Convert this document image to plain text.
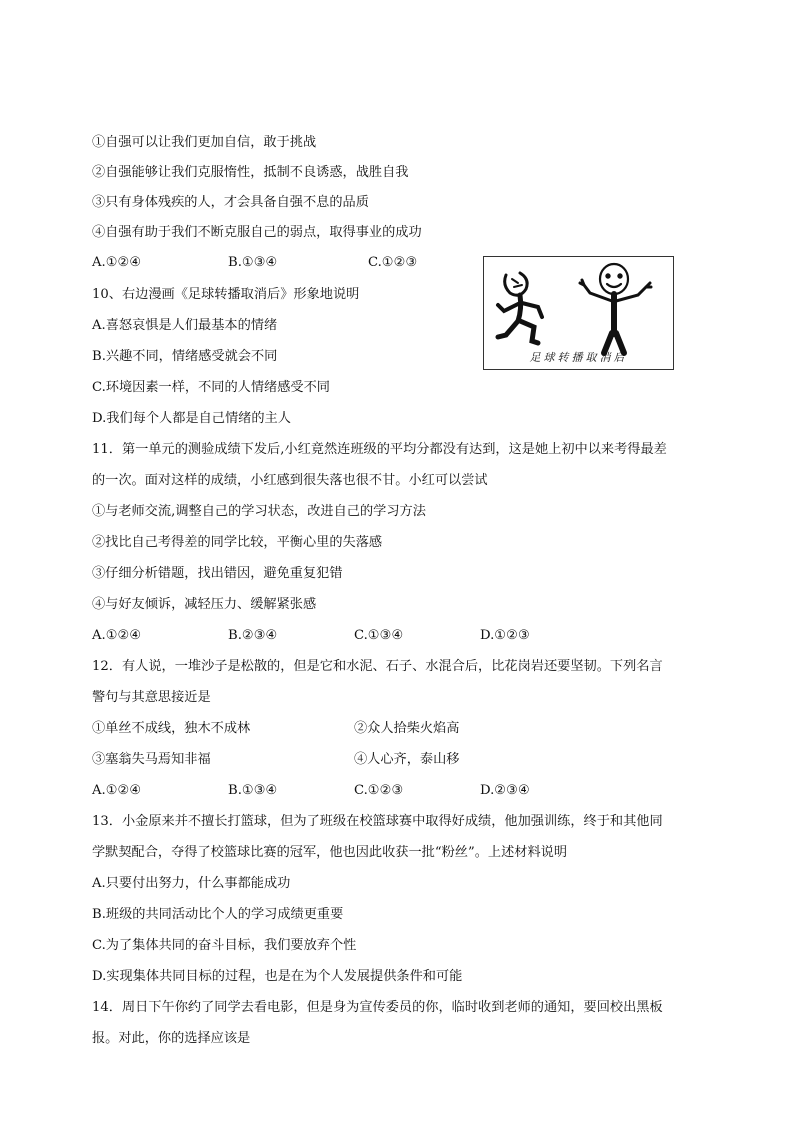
①自强可以让我们更加自信，敢于挑战
②自强能够让我们克服惰性，抵制不良诱惑，战胜自我
③只有身体残疾的人，才会具备自强不息的品质
④自强有助于我们不断克服自己的弱点，取得事业的成功
A.①②④	B.①③④	C.①②③
10、右边漫画《足球转播取消后》形象地说明
A.喜怒哀惧是人们最基本的情绪
B.兴趣不同，情绪感受就会不同
C.环境因素一样，不同的人情绪感受不同
D.我们每个人都是自己情绪的主人
足球转播取消后
11．第一单元的测验成绩下发后,小红竟然连班级的平均分都没有达到，这是她上初中以来考得最差
的一次。面对这样的成绩，小红感到很失落也很不甘。小红可以尝试
①与老师交流,调整自己的学习状态，改进自己的学习方法
②找比自己考得差的同学比较，平衡心里的失落感
③仔细分析错题，找出错因，避免重复犯错
④与好友倾诉，减轻压力、缓解紧张感
A.①②④	B.②③④	C.①③④	D.①②③
12．有人说，一堆沙子是松散的，但是它和水泥、石子、水混合后，比花岗岩还要坚韧。下列名言
警句与其意思接近是
①单丝不成线，独木不成林	②众人拾柴火焰高
③塞翁失马焉知非福	④人心齐，泰山移
A.①②④	B.①③④	C.①②③	D.②③④
13．小金原来并不擅长打篮球，但为了班级在校篮球赛中取得好成绩，他加强训练，终于和其他同
学默契配合，夺得了校篮球比赛的冠军，他也因此收获一批“粉丝”。上述材料说明
A.只要付出努力，什么事都能成功
B.班级的共同活动比个人的学习成绩更重要
C.为了集体共同的奋斗目标，我们要放弃个性
D.实现集体共同目标的过程，也是在为个人发展提供条件和可能
14．周日下午你约了同学去看电影，但是身为宣传委员的你，临时收到老师的通知，要回校出黑板
报。对此，你的选择应该是
